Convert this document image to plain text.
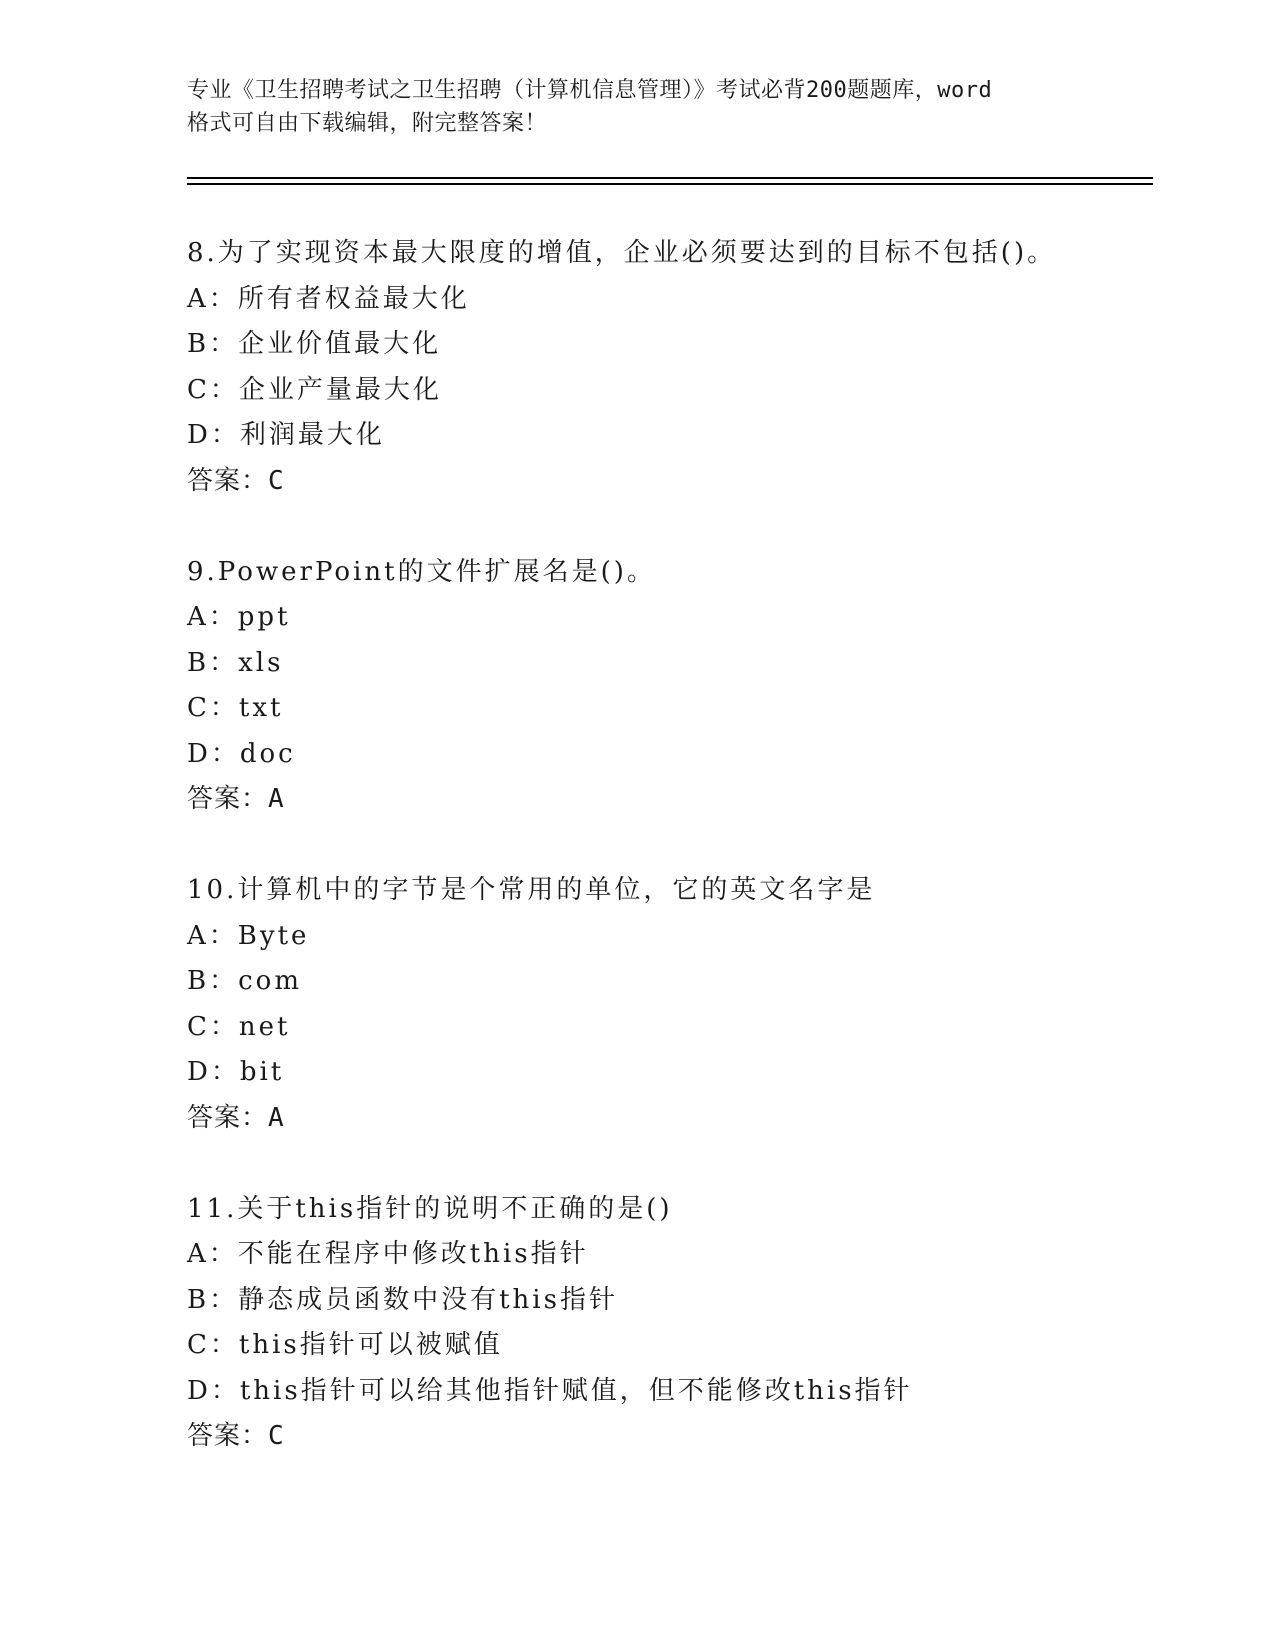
专业《卫生招聘考试之卫生招聘（计算机信息管理）》考试必背200题题库，word
格式可自由下载编辑，附完整答案！
8.为了实现资本最大限度的增值，企业必须要达到的目标不包括()。
A：所有者权益最大化
B：企业价值最大化
C：企业产量最大化
D：利润最大化
答案：C
9.PowerPoint的文件扩展名是()。
A：ppt
B：xls
C：txt
D：doc
答案：A
10.计算机中的字节是个常用的单位，它的英文名字是
A：Byte
B：com
C：net
D：bit
答案：A
11.关于this指针的说明不正确的是()
A：不能在程序中修改this指针
B：静态成员函数中没有this指针
C：this指针可以被赋值
D：this指针可以给其他指针赋值，但不能修改this指针
答案：C
